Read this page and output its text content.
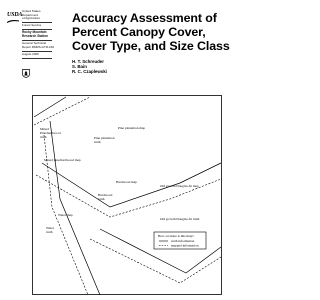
USDA
United States
Department
of Agriculture
Forest Service
Rocky Mountain
Research Station
General Technical
Report RMRS-GTR-166
August 2006
Accuracy Assessment of
Percent Canopy Cover,
Cover Type, and Size Class
H. T. Schreuder
S. Bain
R. C. Czaplewski
Mixed Pine/hardwood truth
Pine plantation map
Pine plantation truth
Mixed pine/hardwood map
Hardwood map
Hardwood truth
Old growth Douglas-fir map
Water map
Water truth
Old growth Douglas-fir truth
How accurate is this map?
truth information
mapped information
